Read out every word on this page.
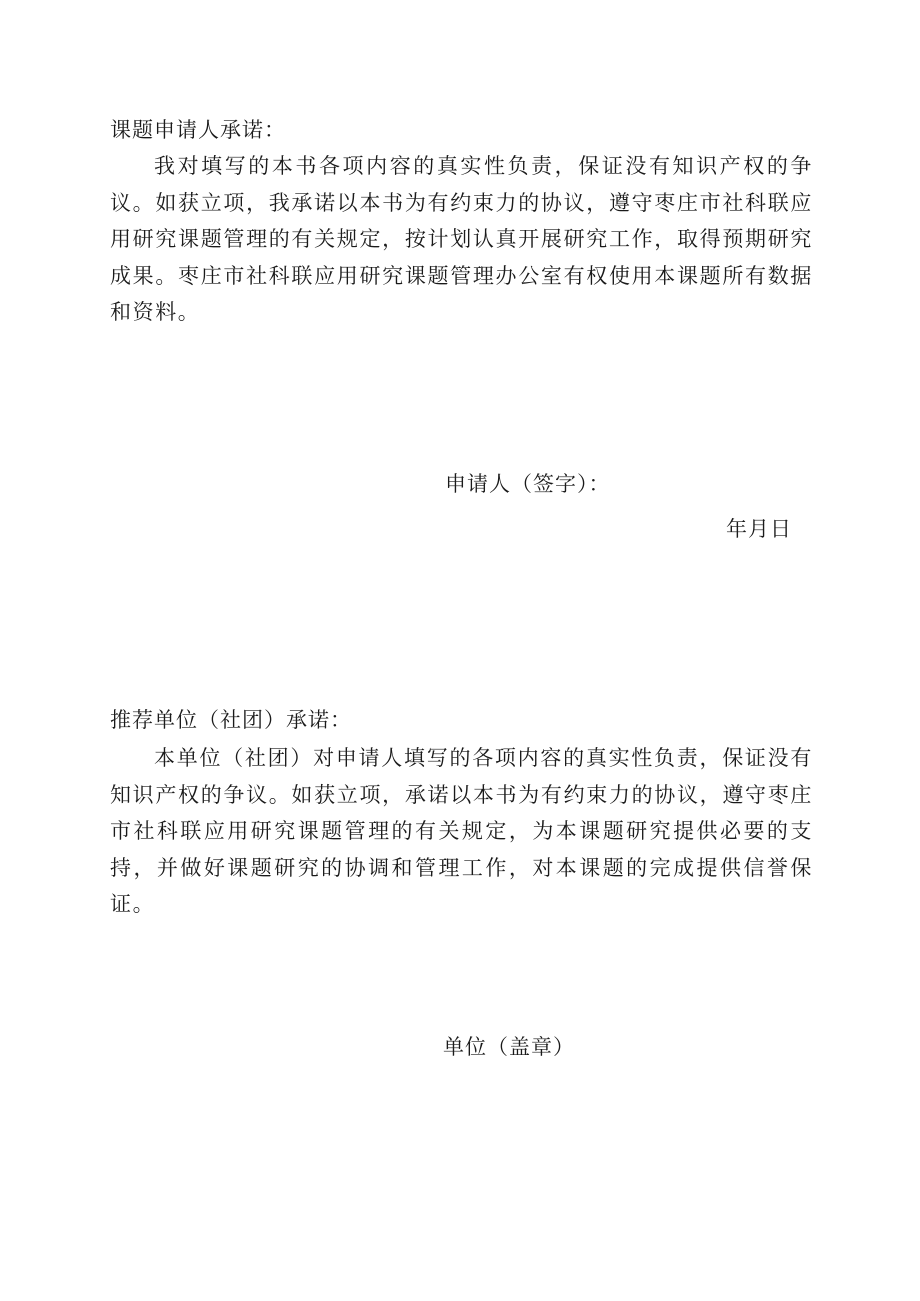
课题申请人承诺：
我对填写的本书各项内容的真实性负责，保证没有知识产权的争议。如获立项，我承诺以本书为有约束力的协议，遵守枣庄市社科联应用研究课题管理的有关规定，按计划认真开展研究工作，取得预期研究成果。枣庄市社科联应用研究课题管理办公室有权使用本课题所有数据和资料。
申请人（签字）：
年月日
推荐单位（社团）承诺：
本单位（社团）对申请人填写的各项内容的真实性负责，保证没有知识产权的争议。如获立项，承诺以本书为有约束力的协议，遵守枣庄市社科联应用研究课题管理的有关规定，为本课题研究提供必要的支持，并做好课题研究的协调和管理工作，对本课题的完成提供信誉保证。
单位（盖章）
